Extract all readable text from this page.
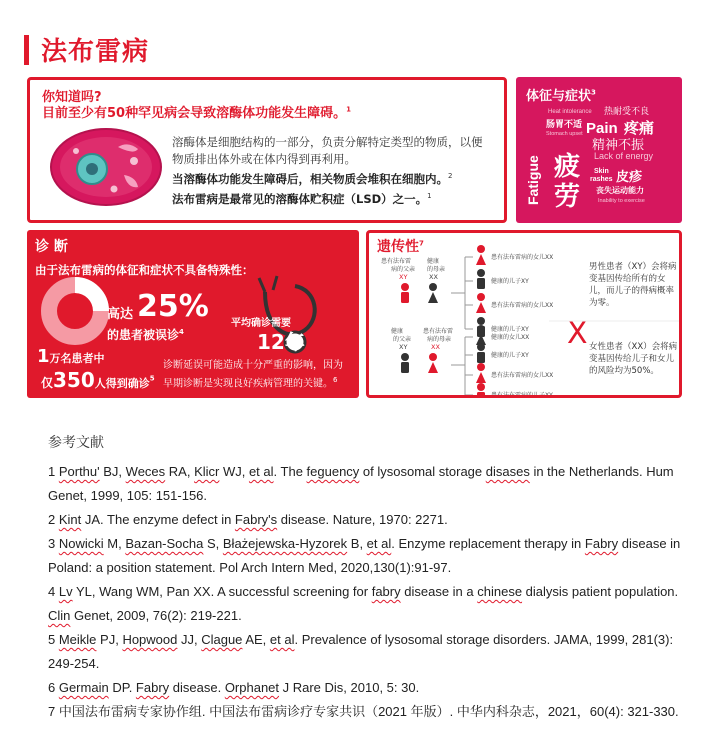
法布雷病
你知道吗?
目前至少有50种罕见病会导致溶酶体功能发生障碍。$^1$
溶酶体是细胞结构的一部分，负责分解特定类型的物质，以便
物质排出体外或在体内得到再利用。
当溶酶体功能发生障碍后，相关物质会堆积在细胞内。$^2$
法布雷病是最常见的溶酶体贮积症（LSD）之一。$^1$
体征与症状$^3$
Heat intolerance 热耐受不良
肠胃不适
Stomach upset Pain 疼痛
Fatigue 疲
劳
精神不振
Lack of energy
Skin
rashes 皮疹
丧失运动能力
Inability to exercise
诊 断
由于法布雷病的体征和症状不具备特殊性：
高达 25%
的患者被误诊$^4$
平均确诊需要
12年
1万名患者中
仅350人得到确诊$^5$
诊断延误可能造成十分严重的影响，因为
早期诊断是实现良好疾病管理的关键。$^6$
遗传性$^7$
患有法布雷
病的父亲
XY
健康
的母亲
XX
患有法布雷病的女儿XX
健康的儿子XY
患有法布雷病的女儿XX
健康的儿子XY
健康
的父亲
XY
患有法布雷
病的母亲
XX
健康的女儿XX
健康的儿子XY
患有法布雷病的女儿XX
患有法布雷病的儿子XY
X
男性患者（XY）会将病变基因传给所有的女儿，而儿子的得病概率为零。
女性患者（XX）会将病变基因传给儿子和女儿的风险均为50%。
参考文献
1 Porthu' BJ, Weces RA, Klicr WJ, et al. The feguency of lysosomal storage disases in the Netherlands. Hum Genet, 1999, 105: 151-156.
2 Kint JA. The enzyme defect in Fabry's disease. Nature, 1970: 2271.
3 Nowicki M, Bazan-Socha S, Błażejewska-Hyzorek B, et al. Enzyme replacement therapy in Fabry disease in Poland: a position statement. Pol Arch Intern Med, 2020,130(1):91-97.
4 Lv YL, Wang WM, Pan XX. A successful screening for fabry disease in a chinese dialysis patient population. Clin Genet, 2009, 76(2): 219-221.
5 Meikle PJ, Hopwood JJ, Clague AE, et al. Prevalence of lysosomal storage disorders. JAMA, 1999, 281(3): 249-254.
6 Germain DP. Fabry disease. Orphanet J Rare Dis, 2010, 5: 30.
7 中国法布雷病专家协作组. 中国法布雷病诊疗专家共识（2021 年版）. 中华内科杂志，2021，60(4): 321-330.
